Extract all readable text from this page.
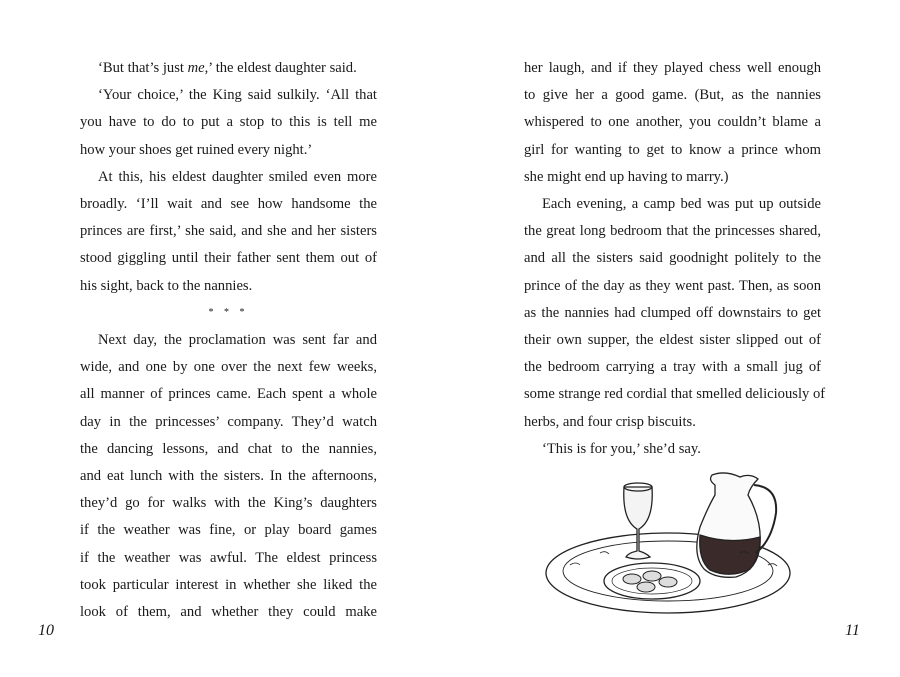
‘But that’s just me,’ the eldest daughter said.
‘Your choice,’ the King said sulkily. ‘All that
you have to do to put a stop to this is tell me
how your shoes get ruined every night.’
At this, his eldest daughter smiled even more
broadly. ‘I’ll wait and see how handsome the
princes are first,’ she said, and she and her sisters
stood giggling until their father sent them out of
his sight, back to the nannies.
* * *
Next day, the proclamation was sent far and
wide, and one by one over the next few weeks,
all manner of princes came. Each spent a whole
day in the princesses’ company. They’d watch
the dancing lessons, and chat to the nannies,
and eat lunch with the sisters. In the afternoons,
they’d go for walks with the King’s daughters
if the weather was fine, or play board games
if the weather was awful. The eldest princess
took particular interest in whether she liked the
look of them, and whether they could make
her laugh, and if they played chess well enough
to give her a good game. (But, as the nannies
whispered to one another, you couldn’t blame a
girl for wanting to get to know a prince whom
she might end up having to marry.)
Each evening, a camp bed was put up outside
the great long bedroom that the princesses shared,
and all the sisters said goodnight politely to the
prince of the day as they went past. Then, as soon
as the nannies had clumped off downstairs to get
their own supper, the eldest sister slipped out of
the bedroom carrying a tray with a small jug of
some strange red cordial that smelled deliciously of
herbs, and four crisp biscuits.
‘This is for you,’ she’d say.
10	11
